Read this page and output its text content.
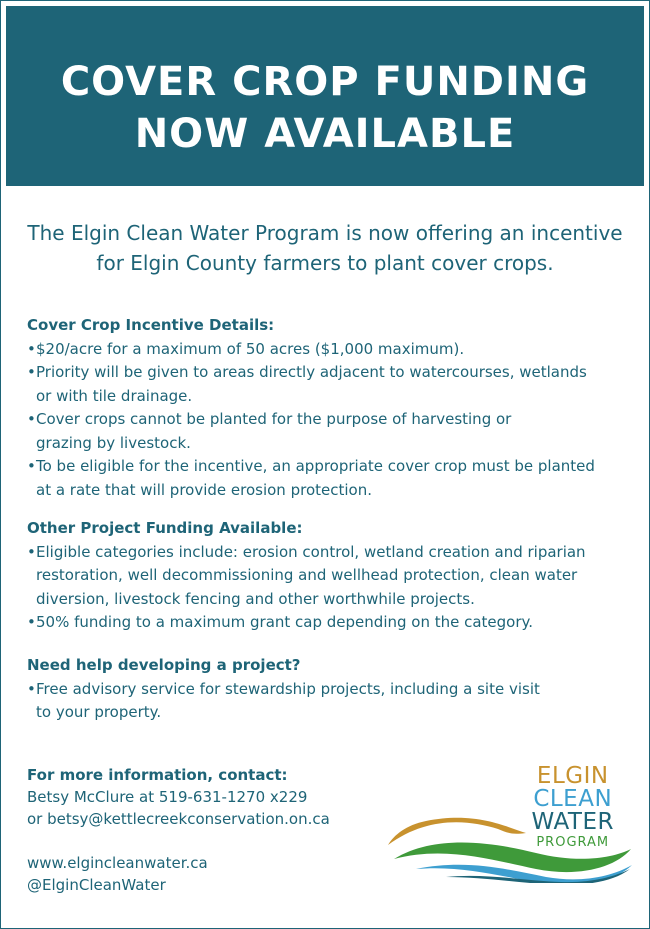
COVER CROP FUNDING
NOW AVAILABLE
The Elgin Clean Water Program is now offering an incentive
for Elgin County farmers to plant cover crops.
Cover Crop Incentive Details:
• $20/acre for a maximum of 50 acres ($1,000 maximum).
• Priority will be given to areas directly adjacent to watercourses, wetlands
or with tile drainage.
• Cover crops cannot be planted for the purpose of harvesting or
grazing by livestock.
• To be eligible for the incentive, an appropriate cover crop must be planted
at a rate that will provide erosion protection.
Other Project Funding Available:
• Eligible categories include: erosion control, wetland creation and riparian
restoration, well decommissioning and wellhead protection, clean water
diversion, livestock fencing and other worthwhile projects.
• 50% funding to a maximum grant cap depending on the category.
Need help developing a project?
• Free advisory service for stewardship projects, including a site visit
to your property.
For more information, contact:
Betsy McClure at 519-631-1270 x229
or betsy@kettlecreekconservation.on.ca
www.elgincleanwater.ca
@ElginCleanWater
ELGIN
CLEAN
WATER
PROGRAM
